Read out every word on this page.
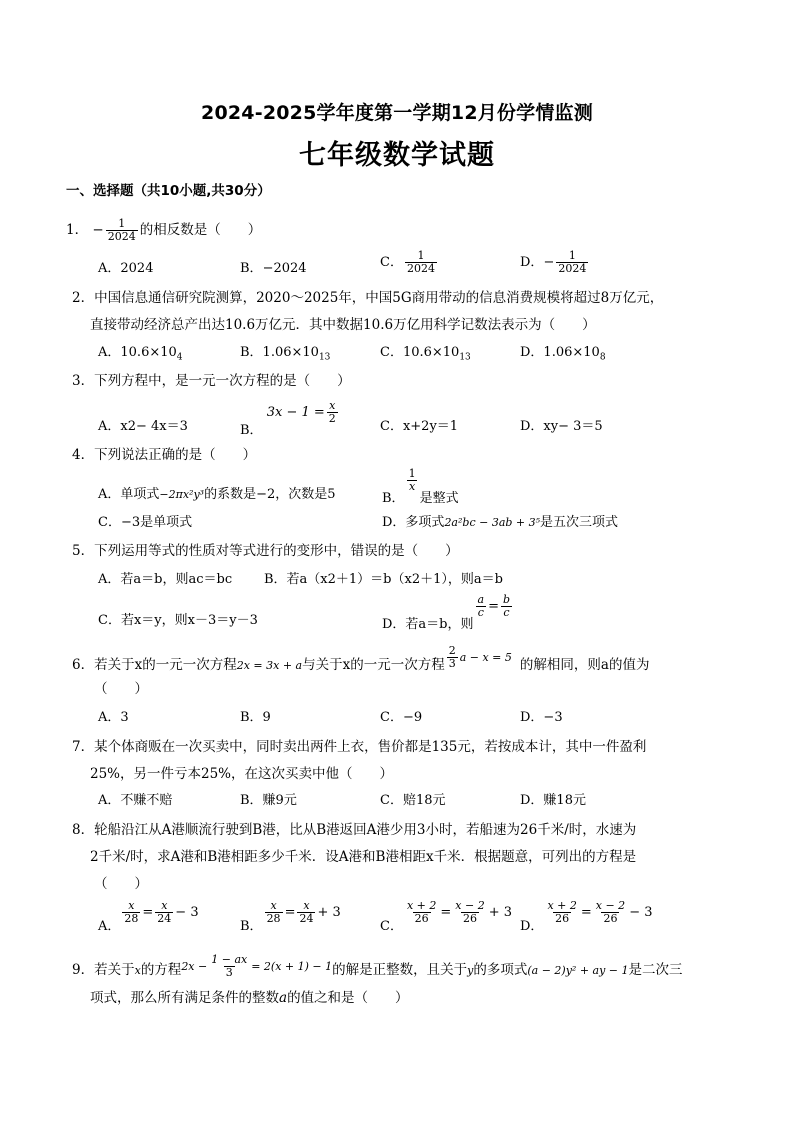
2024-2025学年度第一学期12月份学情监测
七年级数学试题
一、选择题（共10小题,共30分）
1． − $\frac{1}{2024}$ 的相反数是（　　）
A．2024	B．−2024	C． $\frac{1}{2024}$	D．− $\frac{1}{2024}$
2．中国信息通信研究院测算，2020～2025年，中国5G商用带动的信息消费规模将超过8万亿元，
直接带动经济总产出达10.6万亿元．其中数据10.6万亿用科学记数法表示为（　　）
A．$10.6\times 10_4$	B．$1.06\times 10_{13}$	C．$10.6\times 10_{13}$	D．$1.06\times 10_8$
3．下列方程中，是一元一次方程的是（　　）
A．x2− 4x＝3	B． $3x - 1 = \frac{x}{2}$
C．x+2y＝1	D．xy− 3＝5
4．下列说法正确的是（　　）
A．单项式−2πx²y³的系数是−2，次数是5	B．
$\frac{1}{x}$
是整式
C．−3是单项式	D．多项式2a²bc − 3ab + 3⁵是五次三项式
5．下列运用等式的性质对等式进行的变形中，错误的是（　　）
A．若a＝b，则ac＝bc B．若a（x2＋1）＝b（x2＋1），则a＝b
C．若x＝y，则x－3＝y－3	D．若a＝b，则
$\frac{a}{c} = \frac{b}{c}$
6．若关于x的一元一次方程2x = 3x + a与关于x的一元一次方程 $\frac{2}{3} ^{a - x = 5}$ 的解相同，则a的值为
（　　）
A．3	B．9	C．−9	D．−3
7．某个体商贩在一次买卖中，同时卖出两件上衣，售价都是135元，若按成本计，其中一件盈利
25%，另一件亏本25%，在这次买卖中他（　　）
A．不赚不赔	B．赚9元	C．赔18元	D．赚18元
8．轮船沿江从A港顺流行驶到B港，比从B港返回A港少用3小时，若船速为26千米/时，水速为
2千米/时，求A港和B港相距多少千米．设A港和B港相距x千米．根据题意，可列出的方程是
（　　）
A．
$\frac{x}{28} = \frac{x}{24} - 3$
B．
$\frac{x}{28} = \frac{x}{24} + 3$
C．
$\frac{x + 2}{26} = \frac{x - 2}{26} + 3$
D．
$\frac{x + 2}{26} = \frac{x - 2}{26} - 3$
9．若关于x的方程$^{2x -} \frac{1 - ax}{3} ^{= 2(x + 1) - 1}$的解是正整数，且关于y的多项式(a − 2)y² + ay − 1是二次三
项式，那么所有满足条件的整数a的值之和是（　　）
